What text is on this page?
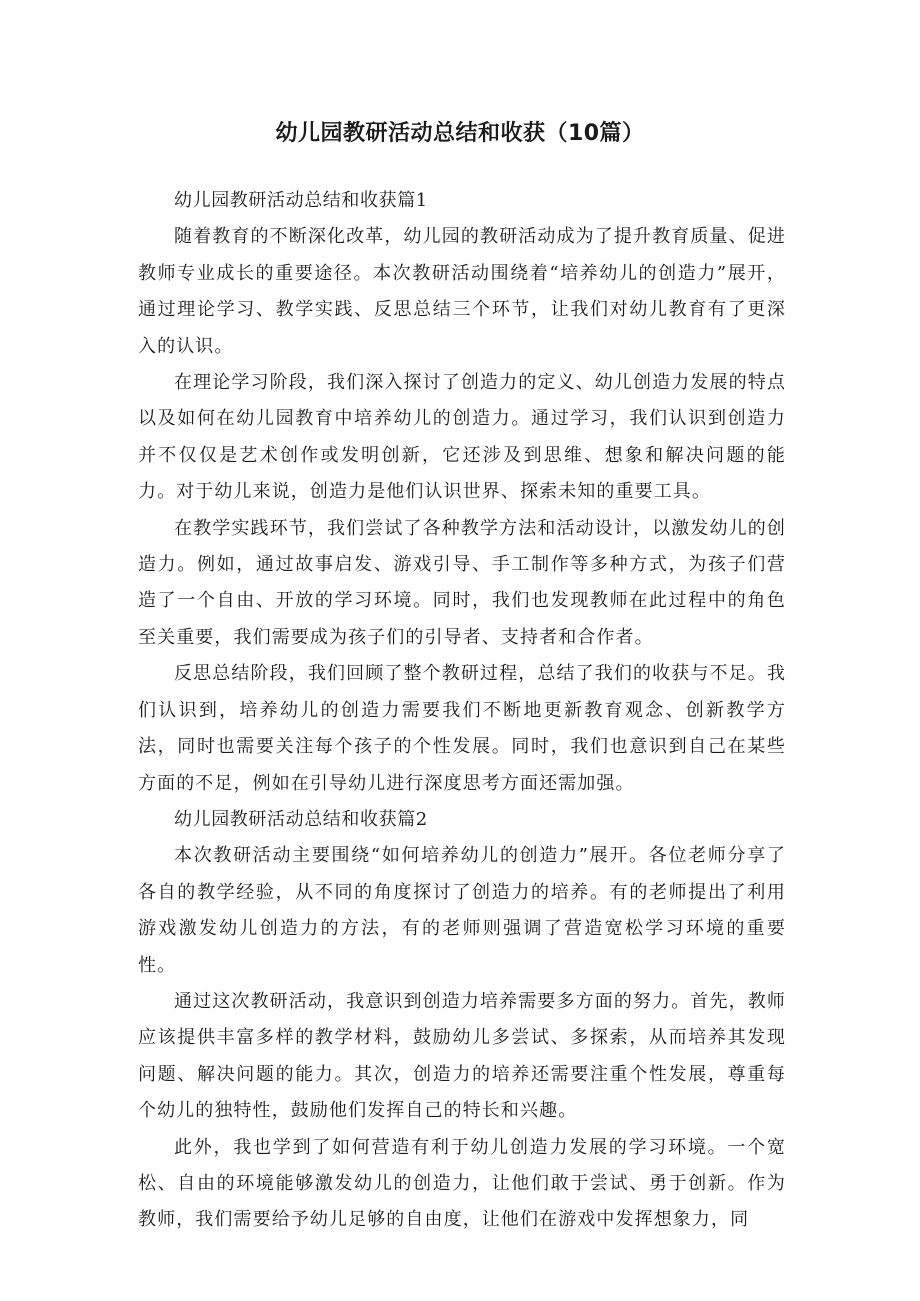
幼儿园教研活动总结和收获（10篇）

幼儿园教研活动总结和收获篇1

随着教育的不断深化改革，幼儿园的教研活动成为了提升教育质量、促进教师专业成长的重要途径。本次教研活动围绕着“培养幼儿的创造力”展开，通过理论学习、教学实践、反思总结三个环节，让我们对幼儿教育有了更深入的认识。

在理论学习阶段，我们深入探讨了创造力的定义、幼儿创造力发展的特点以及如何在幼儿园教育中培养幼儿的创造力。通过学习，我们认识到创造力并不仅仅是艺术创作或发明创新，它还涉及到思维、想象和解决问题的能力。对于幼儿来说，创造力是他们认识世界、探索未知的重要工具。

在教学实践环节，我们尝试了各种教学方法和活动设计，以激发幼儿的创造力。例如，通过故事启发、游戏引导、手工制作等多种方式，为孩子们营造了一个自由、开放的学习环境。同时，我们也发现教师在此过程中的角色至关重要，我们需要成为孩子们的引导者、支持者和合作者。

反思总结阶段，我们回顾了整个教研过程，总结了我们的收获与不足。我们认识到，培养幼儿的创造力需要我们不断地更新教育观念、创新教学方法，同时也需要关注每个孩子的个性发展。同时，我们也意识到自己在某些方面的不足，例如在引导幼儿进行深度思考方面还需加强。

幼儿园教研活动总结和收获篇2

本次教研活动主要围绕“如何培养幼儿的创造力”展开。各位老师分享了各自的教学经验，从不同的角度探讨了创造力的培养。有的老师提出了利用游戏激发幼儿创造力的方法，有的老师则强调了营造宽松学习环境的重要性。

通过这次教研活动，我意识到创造力培养需要多方面的努力。首先，教师应该提供丰富多样的教学材料，鼓励幼儿多尝试、多探索，从而培养其发现问题、解决问题的能力。其次，创造力的培养还需要注重个性发展，尊重每个幼儿的独特性，鼓励他们发挥自己的特长和兴趣。

此外，我也学到了如何营造有利于幼儿创造力发展的学习环境。一个宽松、自由的环境能够激发幼儿的创造力，让他们敢于尝试、勇于创新。作为教师，我们需要给予幼儿足够的自由度，让他们在游戏中发挥想象力，同
